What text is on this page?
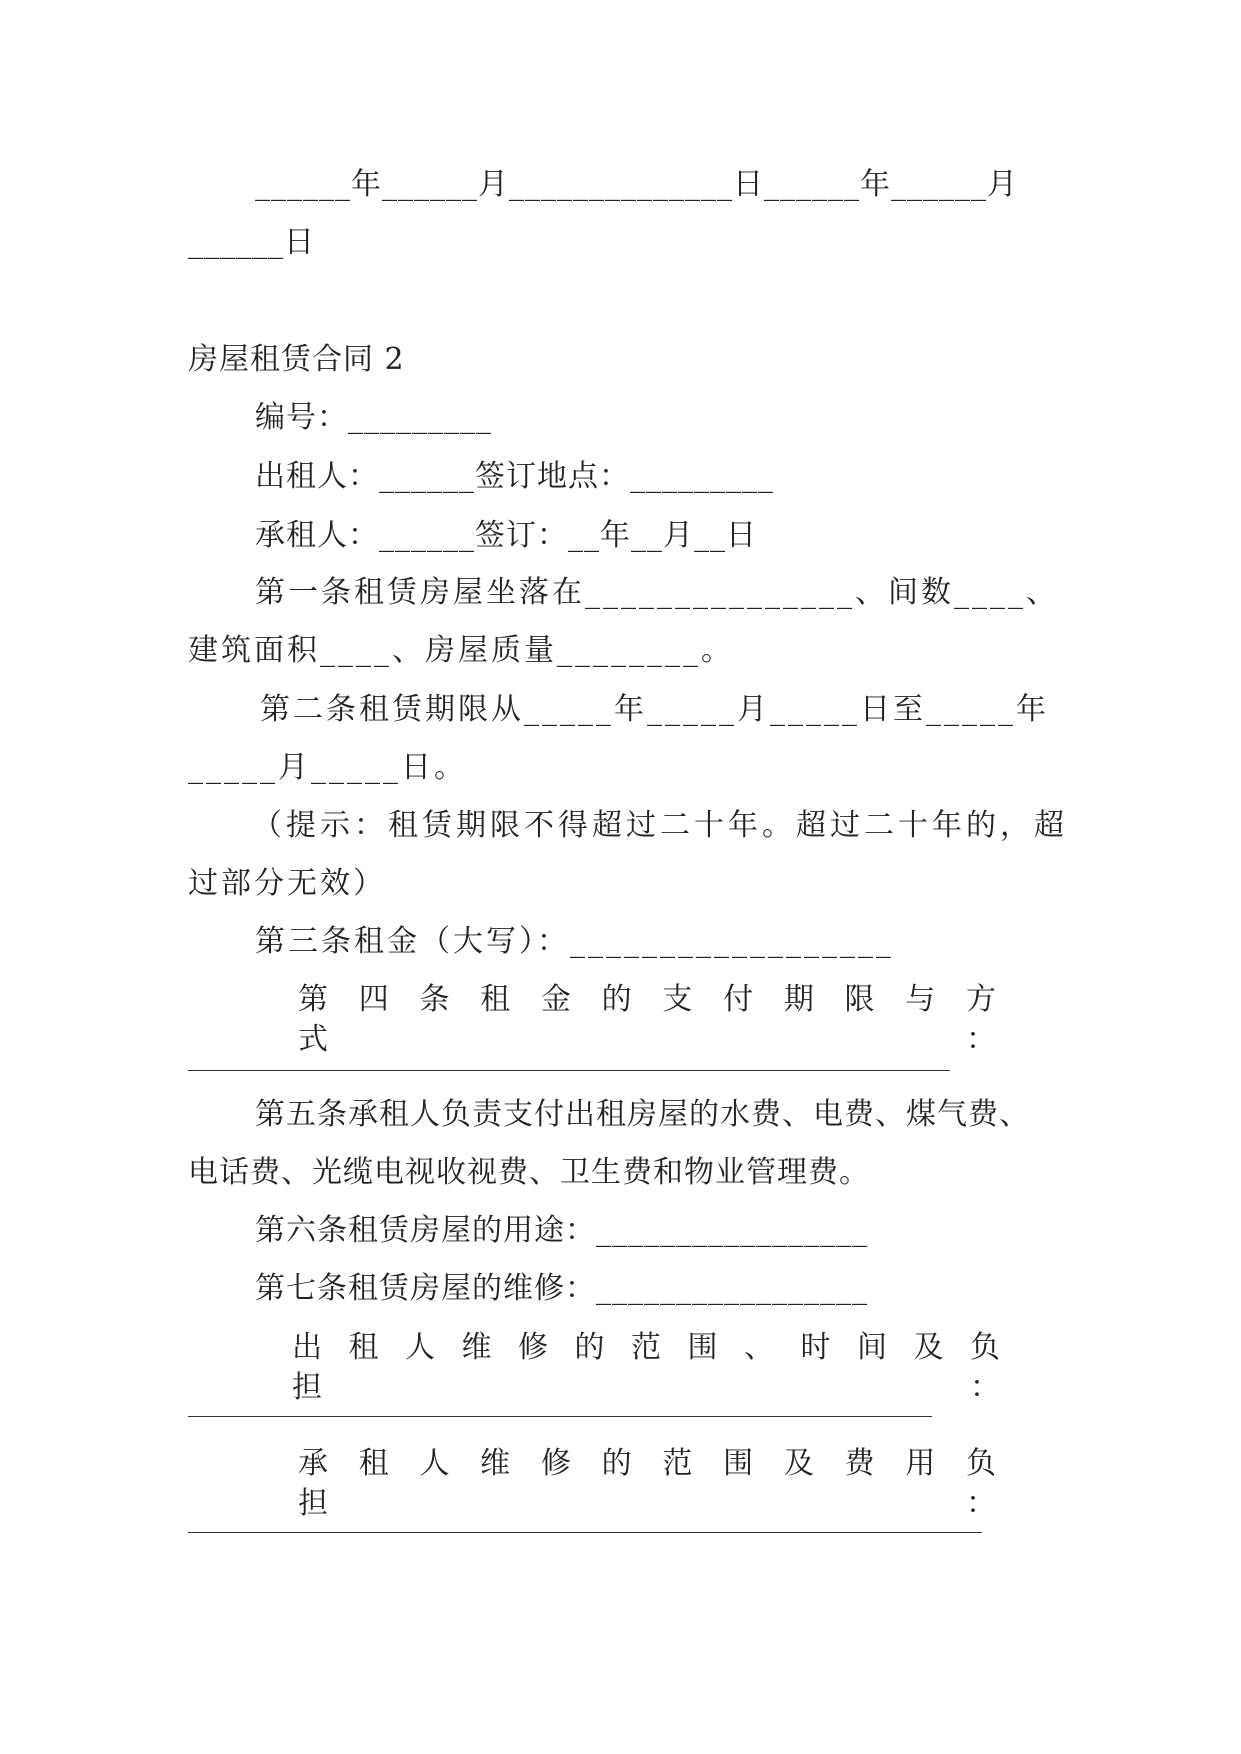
______年______月______________日______年______月
______日
房屋租赁合同 2
编号：_________
出租人：______签订地点：_________
承租人：______签订：__年__月__日
第一条租赁房屋坐落在_______________、间数____、
建筑面积____、房屋质量________。
第二条租赁期限从_____年_____月_____日至_____年
_____月_____日。
（提示：租赁期限不得超过二十年。超过二十年的，超
过部分无效）
第三条租金（大写）：__________________
第四条租金的支付期限与方式：
第五条承租人负责支付出租房屋的水费、电费、煤气费、
电话费、光缆电视收视费、卫生费和物业管理费。
第六条租赁房屋的用途：_________________
第七条租赁房屋的维修：_________________
出租人维修的范围、时间及负担：
承租人维修的范围及费用负担：
